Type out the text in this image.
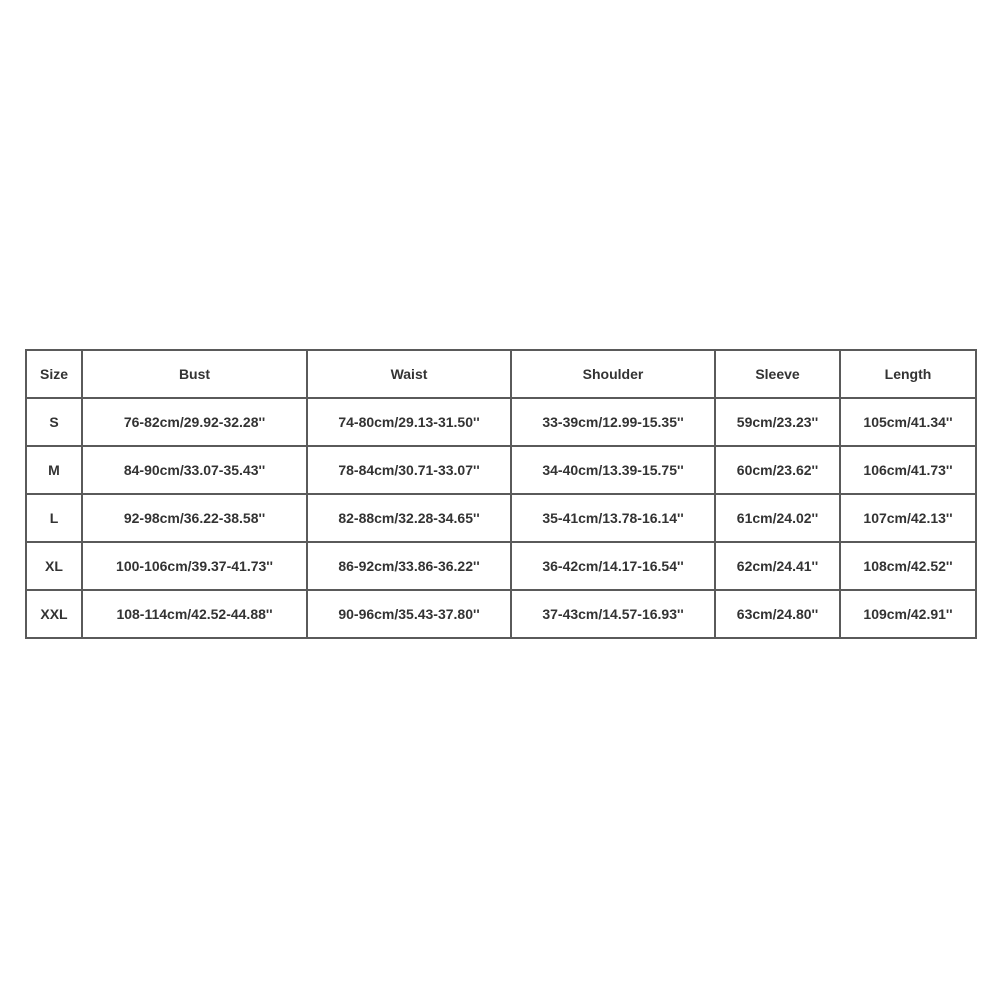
Size	Bust	Waist	Shoulder	Sleeve	Length
S	76-82cm/29.92-32.28''	74-80cm/29.13-31.50''	33-39cm/12.99-15.35''	59cm/23.23''	105cm/41.34''
M	84-90cm/33.07-35.43''	78-84cm/30.71-33.07''	34-40cm/13.39-15.75''	60cm/23.62''	106cm/41.73''
L	92-98cm/36.22-38.58''	82-88cm/32.28-34.65''	35-41cm/13.78-16.14''	61cm/24.02''	107cm/42.13''
XL	100-106cm/39.37-41.73''	86-92cm/33.86-36.22''	36-42cm/14.17-16.54''	62cm/24.41''	108cm/42.52''
XXL	108-114cm/42.52-44.88''	90-96cm/35.43-37.80''	37-43cm/14.57-16.93''	63cm/24.80''	109cm/42.91''
